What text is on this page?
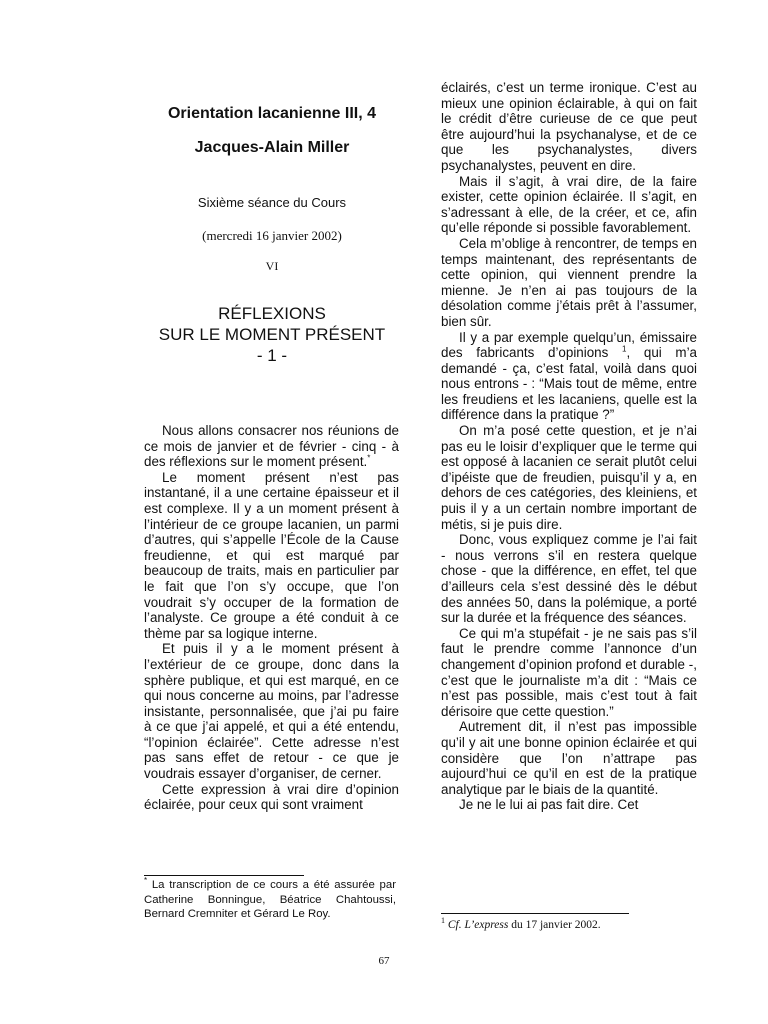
Orientation lacanienne III, 4
Jacques-Alain Miller

Sixième séance du Cours

(mercredi 16 janvier 2002)

VI

RÉFLEXIONS
SUR LE MOMENT PRÉSENT
- 1 -

Nous allons consacrer nos réunions de ce mois de janvier et de février - cinq - à des réflexions sur le moment présent.*

Le moment présent n’est pas instantané, il a une certaine épaisseur et il est complexe. Il y a un moment présent à l’intérieur de ce groupe lacanien, un parmi d’autres, qui s’appelle l’École de la Cause freudienne, et qui est marqué par beaucoup de traits, mais en particulier par le fait que l’on s’y occupe, que l’on voudrait s’y occuper de la formation de l’analyste. Ce groupe a été conduit à ce thème par sa logique interne.

Et puis il y a le moment présent à l’extérieur de ce groupe, donc dans la sphère publique, et qui est marqué, en ce qui nous concerne au moins, par l’adresse insistante, personnalisée, que j’ai pu faire à ce que j’ai appelé, et qui a été entendu, “l’opinion éclairée”. Cette adresse n’est pas sans effet de retour - ce que je voudrais essayer d’organiser, de cerner.

Cette expression à vrai dire d’opinion éclairée, pour ceux qui sont vraiment

éclairés, c’est un terme ironique. C’est au mieux une opinion éclairable, à qui on fait le crédit d’être curieuse de ce que peut être aujourd’hui la psychanalyse, et de ce que les psychanalystes, divers psychanalystes, peuvent en dire.

Mais il s’agit, à vrai dire, de la faire exister, cette opinion éclairée. Il s’agit, en s’adressant à elle, de la créer, et ce, afin qu’elle réponde si possible favorablement.

Cela m’oblige à rencontrer, de temps en temps maintenant, des représentants de cette opinion, qui viennent prendre la mienne. Je n’en ai pas toujours de la désolation comme j’étais prêt à l’assumer, bien sûr.

Il y a par exemple quelqu’un, émissaire des fabricants d’opinions $^1$, qui m’a demandé - ça, c’est fatal, voilà dans quoi nous entrons - : “Mais tout de même, entre les freudiens et les lacaniens, quelle est la différence dans la pratique ?”

On m’a posé cette question, et je n’ai pas eu le loisir d’expliquer que le terme qui est opposé à lacanien ce serait plutôt celui d’ipéiste que de freudien, puisqu’il y a, en dehors de ces catégories, des kleiniens, et puis il y a un certain nombre important de métis, si je puis dire.

Donc, vous expliquez comme je l’ai fait - nous verrons s’il en restera quelque chose - que la différence, en effet, tel que d’ailleurs cela s’est dessiné dès le début des années 50, dans la polémique, a porté sur la durée et la fréquence des séances.

Ce qui m’a stupéfait - je ne sais pas s’il faut le prendre comme l’annonce d’un changement d’opinion profond et durable -, c’est que le journaliste m’a dit : “Mais ce n’est pas possible, mais c’est tout à fait dérisoire que cette question.”

Autrement dit, il n’est pas impossible qu’il y ait une bonne opinion éclairée et qui considère que l’on n’attrape pas aujourd’hui ce qu’il en est de la pratique analytique par le biais de la quantité.

Je ne le lui ai pas fait dire. Cet

* La transcription de ce cours a été assurée par Catherine Bonningue, Béatrice Chahtoussi, Bernard Cremniter et Gérard Le Roy.

$^1$ Cf. L’express du 17 janvier 2002.

67
